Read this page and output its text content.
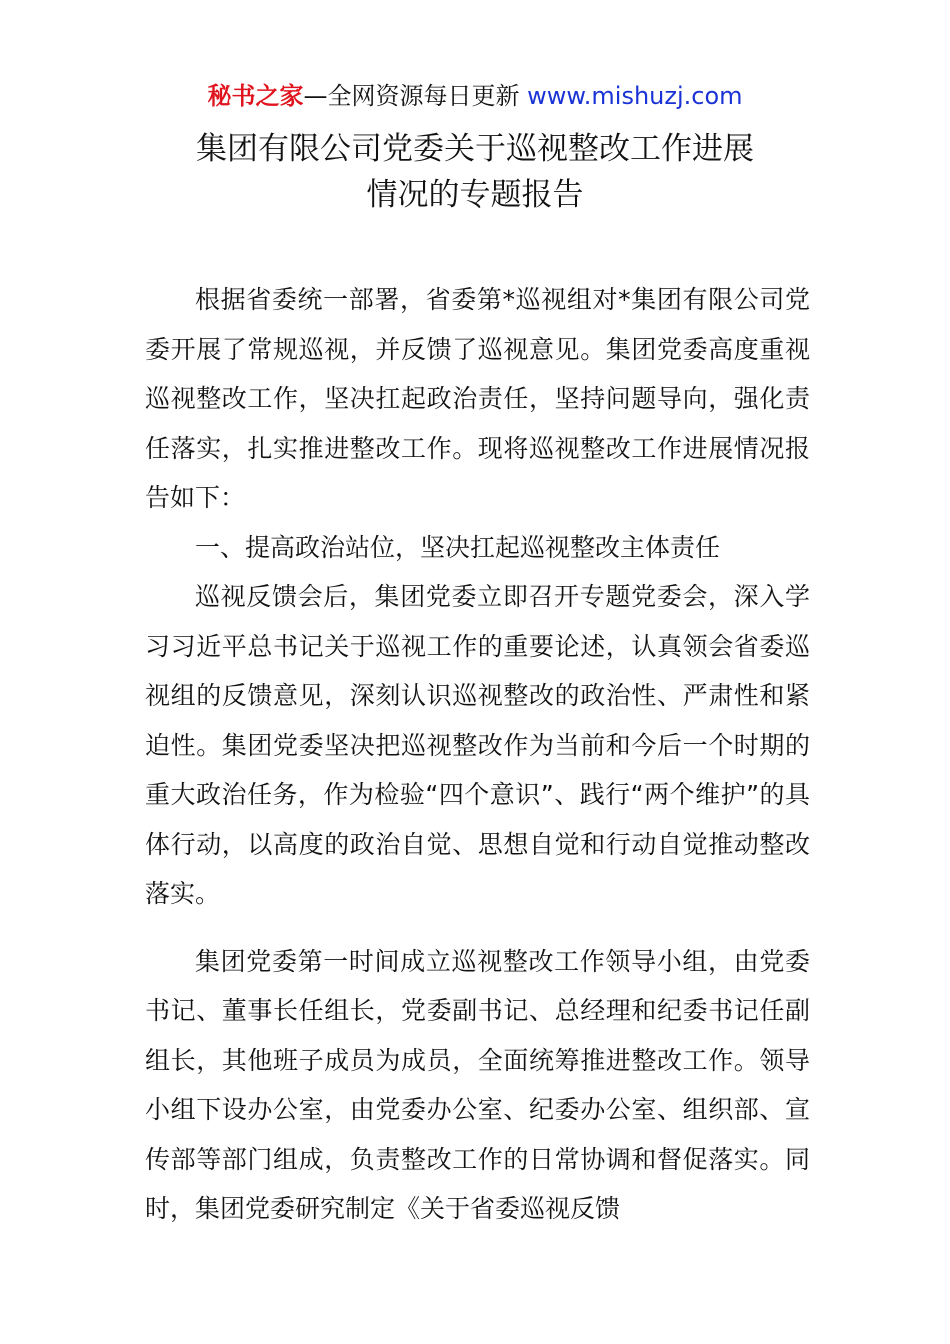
秘书之家—全网资源每日更新 www.mishuzj.com
集团有限公司党委关于巡视整改工作进展
情况的专题报告

根据省委统一部署，省委第*巡视组对*集团有限公司党委开展了常规巡视，并反馈了巡视意见。集团党委高度重视巡视整改工作，坚决扛起政治责任，坚持问题导向，强化责任落实，扎实推进整改工作。现将巡视整改工作进展情况报告如下：

一、提高政治站位，坚决扛起巡视整改主体责任

巡视反馈会后，集团党委立即召开专题党委会，深入学习习近平总书记关于巡视工作的重要论述，认真领会省委巡视组的反馈意见，深刻认识巡视整改的政治性、严肃性和紧迫性。集团党委坚决把巡视整改作为当前和今后一个时期的重大政治任务，作为检验“四个意识”、践行“两个维护”的具体行动，以高度的政治自觉、思想自觉和行动自觉推动整改落实。

集团党委第一时间成立巡视整改工作领导小组，由党委书记、董事长任组长，党委副书记、总经理和纪委书记任副组长，其他班子成员为成员，全面统筹推进整改工作。领导小组下设办公室，由党委办公室、纪委办公室、组织部、宣传部等部门组成，负责整改工作的日常协调和督促落实。同时，集团党委研究制定《关于省委巡视反馈
